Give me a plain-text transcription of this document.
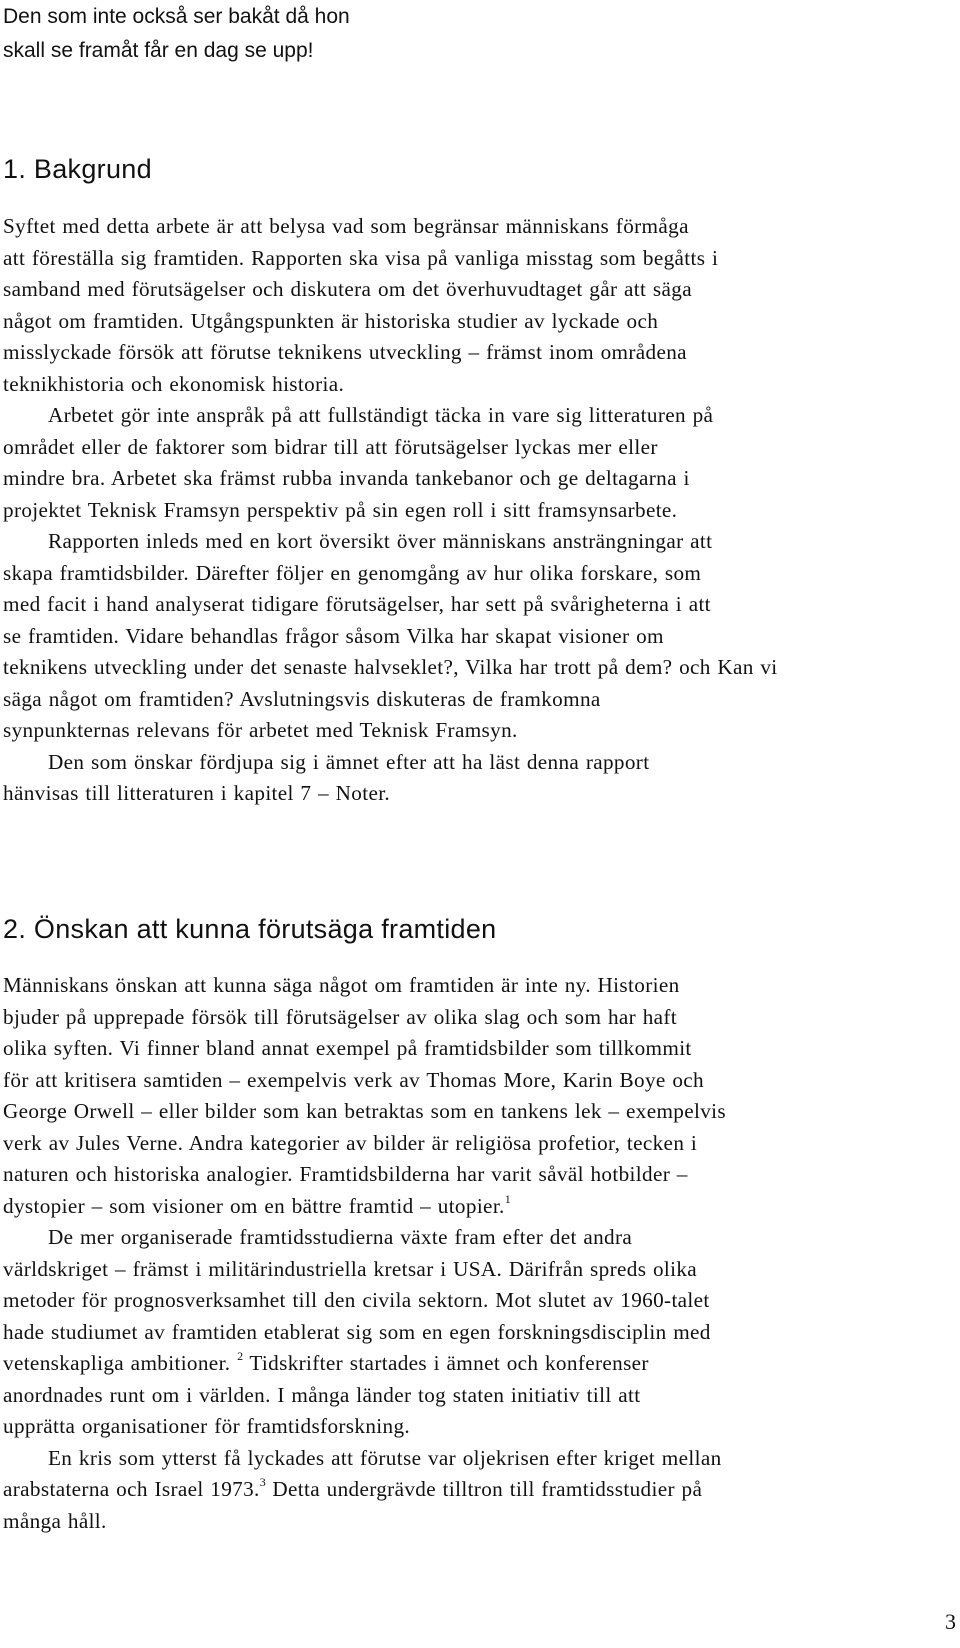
Den som inte också ser bakåt då hon
skall se framåt får en dag se upp!
1. Bakgrund

Syftet med detta arbete är att belysa vad som begränsar människans förmåga
att föreställa sig framtiden. Rapporten ska visa på vanliga misstag som begåtts i
samband med förutsägelser och diskutera om det överhuvudtaget går att säga
något om framtiden. Utgångspunkten är historiska studier av lyckade och
misslyckade försök att förutse teknikens utveckling – främst inom områdena
teknikhistoria och ekonomisk historia.

Arbetet gör inte anspråk på att fullständigt täcka in vare sig litteraturen på
området eller de faktorer som bidrar till att förutsägelser lyckas mer eller
mindre bra. Arbetet ska främst rubba invanda tankebanor och ge deltagarna i
projektet Teknisk Framsyn perspektiv på sin egen roll i sitt framsynsarbete.

Rapporten inleds med en kort översikt över människans ansträngningar att
skapa framtidsbilder. Därefter följer en genomgång av hur olika forskare, som
med facit i hand analyserat tidigare förutsägelser, har sett på svårigheterna i att
se framtiden. Vidare behandlas frågor såsom Vilka har skapat visioner om
teknikens utveckling under det senaste halvseklet?, Vilka har trott på dem? och Kan vi
säga något om framtiden? Avslutningsvis diskuteras de framkomna
synpunkternas relevans för arbetet med Teknisk Framsyn.

Den som önskar fördjupa sig i ämnet efter att ha läst denna rapport
hänvisas till litteraturen i kapitel 7 – Noter.

2. Önskan att kunna förutsäga framtiden

Människans önskan att kunna säga något om framtiden är inte ny. Historien
bjuder på upprepade försök till förutsägelser av olika slag och som har haft
olika syften. Vi finner bland annat exempel på framtidsbilder som tillkommit
för att kritisera samtiden – exempelvis verk av Thomas More, Karin Boye och
George Orwell – eller bilder som kan betraktas som en tankens lek – exempelvis
verk av Jules Verne. Andra kategorier av bilder är religiösa profetior, tecken i
naturen och historiska analogier. Framtidsbilderna har varit såväl hotbilder –
dystopier – som visioner om en bättre framtid – utopier.$^1$

De mer organiserade framtidsstudierna växte fram efter det andra
världskriget – främst i militärindustriella kretsar i USA. Därifrån spreds olika
metoder för prognosverksamhet till den civila sektorn. Mot slutet av 1960-talet
hade studiumet av framtiden etablerat sig som en egen forskningsdisciplin med
vetenskapliga ambitioner. $^2$ Tidskrifter startades i ämnet och konferenser
anordnades runt om i världen. I många länder tog staten initiativ till att
upprätta organisationer för framtidsforskning.

En kris som ytterst få lyckades att förutse var oljekrisen efter kriget mellan
arabstaterna och Israel 1973.$^3$ Detta undergrävde tilltron till framtidsstudier på
många håll.

3
